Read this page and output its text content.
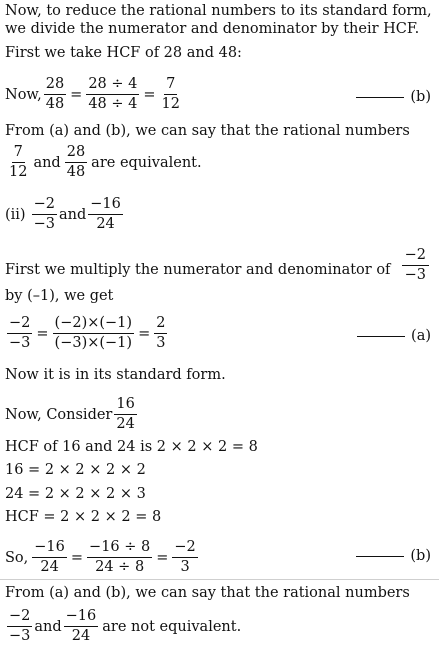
Now, to reduce the rational numbers to its standard form,
we divide the numerator and denominator by their HCF.
First we take HCF of 28 and 48:
Now, $\frac{28}{48} = \frac{28 \div 4}{48 \div 4} = \frac{7}{12}$	(b)
From (a) and (b), we can say that the rational numbers
$\frac{7}{12}$ and $\frac{28}{48}$ are equivalent.
$(ii) \frac{-2}{-3}$ and $\frac{-16}{24}$
First we multiply the numerator and denominator of
−2
−3
by (–1), we get
$\frac{-2}{-3} = \frac{(-2)\times(-1)}{(-3)\times(-1)} = \frac{2}{3}$	(a)
Now it is in its standard form.
Now, Consider $\frac{16}{24}$
HCF of 16 and 24 is 2 × 2 × 2 = 8
16 = 2 × 2 × 2 × 2
24 = 2 × 2 × 2 × 3
HCF = 2 × 2 × 2 = 8
So, $\frac{-16}{24} = \frac{-16 \div 8}{24 \div 8} = \frac{-2}{3}$	(b)
From (a) and (b), we can say that the rational numbers
$\frac{-2}{-3}$ and $\frac{-16}{24}$ are not equivalent.
